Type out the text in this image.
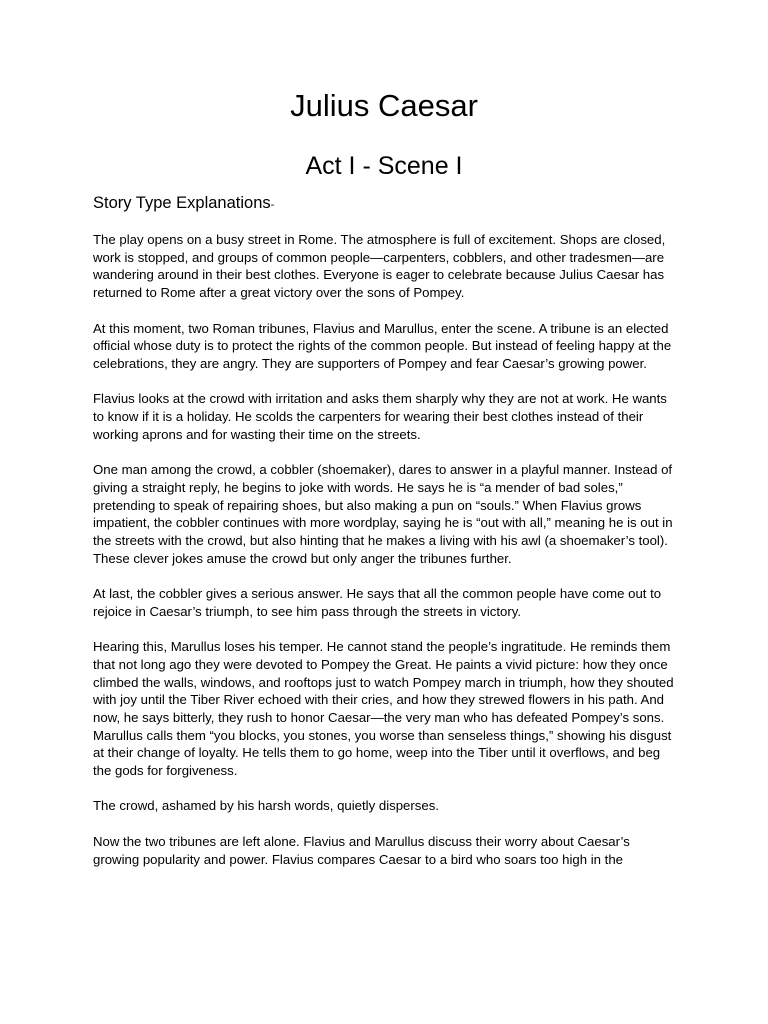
Julius Caesar
Act I - Scene I
Story Type Explanations-

The play opens on a busy street in Rome. The atmosphere is full of excitement. Shops are closed, work is stopped, and groups of common people—carpenters, cobblers, and other tradesmen—are wandering around in their best clothes. Everyone is eager to celebrate because Julius Caesar has returned to Rome after a great victory over the sons of Pompey.

At this moment, two Roman tribunes, Flavius and Marullus, enter the scene. A tribune is an elected official whose duty is to protect the rights of the common people. But instead of feeling happy at the celebrations, they are angry. They are supporters of Pompey and fear Caesar’s growing power.

Flavius looks at the crowd with irritation and asks them sharply why they are not at work. He wants to know if it is a holiday. He scolds the carpenters for wearing their best clothes instead of their working aprons and for wasting their time on the streets.

One man among the crowd, a cobbler (shoemaker), dares to answer in a playful manner. Instead of giving a straight reply, he begins to joke with words. He says he is “a mender of bad soles,” pretending to speak of repairing shoes, but also making a pun on “souls.” When Flavius grows impatient, the cobbler continues with more wordplay, saying he is “out with all,” meaning he is out in the streets with the crowd, but also hinting that he makes a living with his awl (a shoemaker’s tool). These clever jokes amuse the crowd but only anger the tribunes further.

At last, the cobbler gives a serious answer. He says that all the common people have come out to rejoice in Caesar’s triumph, to see him pass through the streets in victory.

Hearing this, Marullus loses his temper. He cannot stand the people’s ingratitude. He reminds them that not long ago they were devoted to Pompey the Great. He paints a vivid picture: how they once climbed the walls, windows, and rooftops just to watch Pompey march in triumph, how they shouted with joy until the Tiber River echoed with their cries, and how they strewed flowers in his path. And now, he says bitterly, they rush to honor Caesar—the very man who has defeated Pompey’s sons. Marullus calls them “you blocks, you stones, you worse than senseless things,” showing his disgust at their change of loyalty. He tells them to go home, weep into the Tiber until it overflows, and beg the gods for forgiveness.

The crowd, ashamed by his harsh words, quietly disperses.

Now the two tribunes are left alone. Flavius and Marullus discuss their worry about Caesar’s growing popularity and power. Flavius compares Caesar to a bird who soars too high in the
